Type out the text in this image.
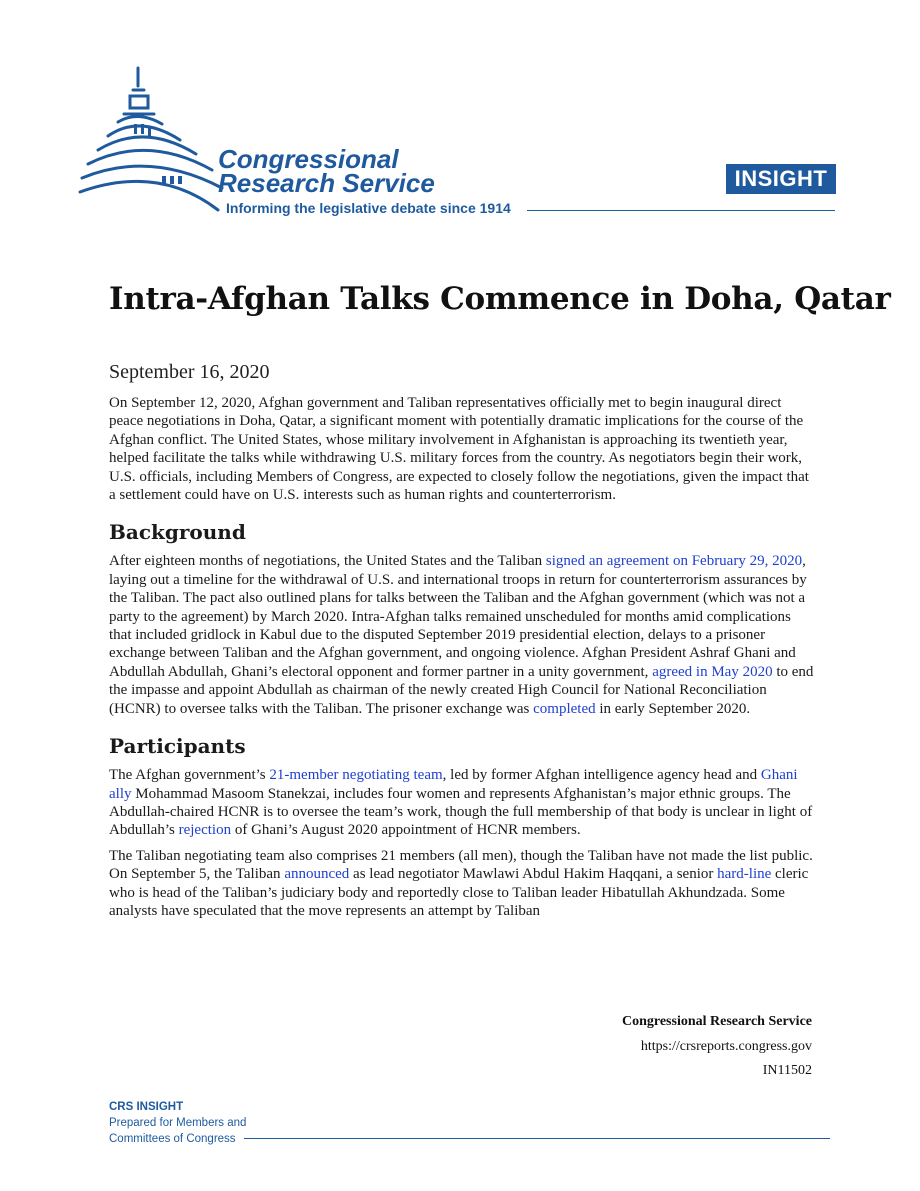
Congressional
Research Service
Informing the legislative debate since 1914
INSIGHT
Intra-Afghan Talks Commence in Doha, Qatar
September 16, 2020

On September 12, 2020, Afghan government and Taliban representatives officially met to begin inaugural direct peace negotiations in Doha, Qatar, a significant moment with potentially dramatic implications for the course of the Afghan conflict. The United States, whose military involvement in Afghanistan is approaching its twentieth year, helped facilitate the talks while withdrawing U.S. military forces from the country. As negotiators begin their work, U.S. officials, including Members of Congress, are expected to closely follow the negotiations, given the impact that a settlement could have on U.S. interests such as human rights and counterterrorism.

Background

After eighteen months of negotiations, the United States and the Taliban signed an agreement on February 29, 2020, laying out a timeline for the withdrawal of U.S. and international troops in return for counterterrorism assurances by the Taliban. The pact also outlined plans for talks between the Taliban and the Afghan government (which was not a party to the agreement) by March 2020. Intra-Afghan talks remained unscheduled for months amid complications that included gridlock in Kabul due to the disputed September 2019 presidential election, delays to a prisoner exchange between Taliban and the Afghan government, and ongoing violence. Afghan President Ashraf Ghani and Abdullah Abdullah, Ghani’s electoral opponent and former partner in a unity government, agreed in May 2020 to end the impasse and appoint Abdullah as chairman of the newly created High Council for National Reconciliation (HCNR) to oversee talks with the Taliban. The prisoner exchange was completed in early September 2020.

Participants

The Afghan government’s 21-member negotiating team, led by former Afghan intelligence agency head and Ghani ally Mohammad Masoom Stanekzai, includes four women and represents Afghanistan’s major ethnic groups. The Abdullah-chaired HCNR is to oversee the team’s work, though the full membership of that body is unclear in light of Abdullah’s rejection of Ghani’s August 2020 appointment of HCNR members.

The Taliban negotiating team also comprises 21 members (all men), though the Taliban have not made the list public. On September 5, the Taliban announced as lead negotiator Mawlawi Abdul Hakim Haqqani, a senior hard-line cleric who is head of the Taliban’s judiciary body and reportedly close to Taliban leader Hibatullah Akhundzada. Some analysts have speculated that the move represents an attempt by Taliban

Congressional Research Service
https://crsreports.congress.gov
IN11502
CRS INSIGHT
Prepared for Members and
Committees of Congress
